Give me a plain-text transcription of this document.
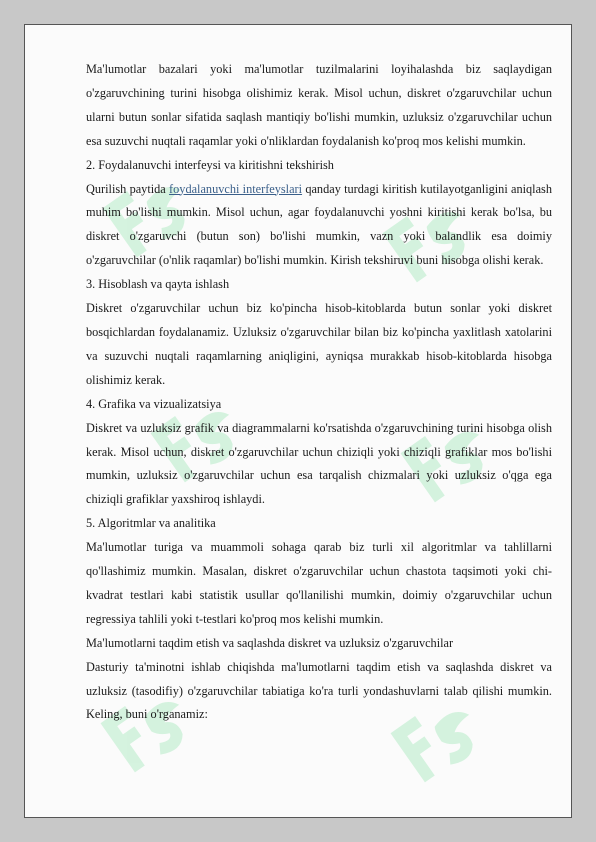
Ma'lumotlar bazalari yoki ma'lumotlar tuzilmalarini loyihalashda biz saqlaydigan o'zgaruvchining turini hisobga olishimiz kerak. Misol uchun, diskret o'zgaruvchilar uchun ularni butun sonlar sifatida saqlash mantiqiy bo'lishi mumkin, uzluksiz o'zgaruvchilar uchun esa suzuvchi nuqtali raqamlar yoki o'nliklardan foydalanish ko'proq mos kelishi mumkin.

2. Foydalanuvchi interfeysi va kiritishni tekshirish

Qurilish paytida foydalanuvchi interfeyslari qanday turdagi kiritish kutilayotganligini aniqlash muhim bo'lishi mumkin. Misol uchun, agar foydalanuvchi yoshni kiritishi kerak bo'lsa, bu diskret o'zgaruvchi (butun son) bo'lishi mumkin, vazn yoki balandlik esa doimiy o'zgaruvchilar (o'nlik raqamlar) bo'lishi mumkin. Kirish tekshiruvi buni hisobga olishi kerak.

3. Hisoblash va qayta ishlash

Diskret o'zgaruvchilar uchun biz ko'pincha hisob-kitoblarda butun sonlar yoki diskret bosqichlardan foydalanamiz. Uzluksiz o'zgaruvchilar bilan biz ko'pincha yaxlitlash xatolarini va suzuvchi nuqtali raqamlarning aniqligini, ayniqsa murakkab hisob-kitoblarda hisobga olishimiz kerak.

4. Grafika va vizualizatsiya

Diskret va uzluksiz grafik va diagrammalarni ko'rsatishda o'zgaruvchining turini hisobga olish kerak. Misol uchun, diskret o'zgaruvchilar uchun chiziqli yoki chiziqli grafiklar mos bo'lishi mumkin, uzluksiz o'zgaruvchilar uchun esa tarqalish chizmalari yoki uzluksiz o'qga ega chiziqli grafiklar yaxshiroq ishlaydi.

5. Algoritmlar va analitika

Ma'lumotlar turiga va muammoli sohaga qarab biz turli xil algoritmlar va tahlillarni qo'llashimiz mumkin. Masalan, diskret o'zgaruvchilar uchun chastota taqsimoti yoki chi-kvadrat testlari kabi statistik usullar qo'llanilishi mumkin, doimiy o'zgaruvchilar uchun regressiya tahlili yoki t-testlari ko'proq mos kelishi mumkin.

Ma'lumotlarni taqdim etish va saqlashda diskret va uzluksiz o'zgaruvchilar

Dasturiy ta'minotni ishlab chiqishda ma'lumotlarni taqdim etish va saqlashda diskret va uzluksiz (tasodifiy) o'zgaruvchilar tabiatiga ko'ra turli yondashuvlarni talab qilishi mumkin. Keling, buni o'rganamiz:
